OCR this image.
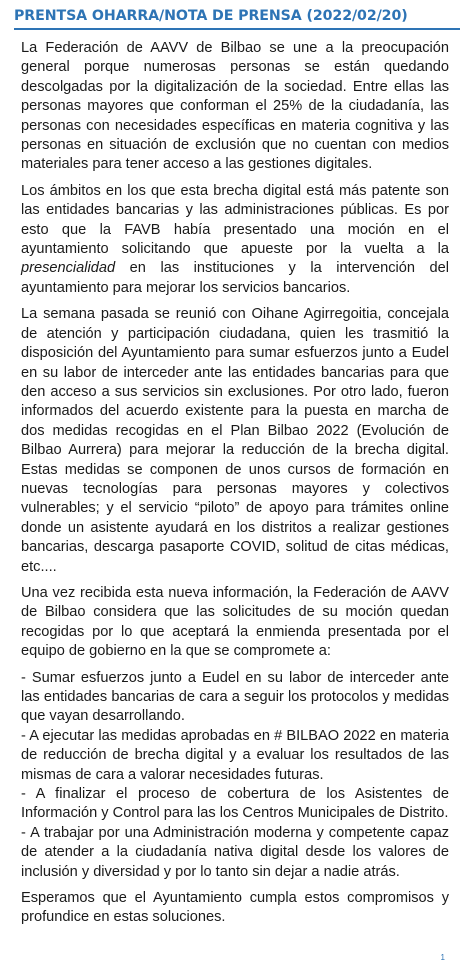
PRENTSA OHARRA/NOTA DE PRENSA (2022/02/20)

La Federación de AAVV de Bilbao se une a la preocupación general porque numerosas personas se están quedando descolgadas por la digitalización de la sociedad. Entre ellas las personas mayores que conforman el 25% de la ciudadanía, las personas con necesidades específicas en materia cognitiva y las personas en situación de exclusión que no cuentan con medios materiales para tener acceso a las gestiones digitales.

Los ámbitos en los que esta brecha digital está más patente son las entidades bancarias y las administraciones públicas. Es por esto que la FAVB había presentado una moción en el ayuntamiento solicitando que apueste por la vuelta a la presencialidad en las instituciones y la intervención del ayuntamiento para mejorar los servicios bancarios.

La semana pasada se reunió con Oihane Agirregoitia, concejala de atención y participación ciudadana, quien les trasmitió la disposición del Ayuntamiento para sumar esfuerzos junto a Eudel en su labor de interceder ante las entidades bancarias para que den acceso a sus servicios sin exclusiones. Por otro lado, fueron informados del acuerdo existente para la puesta en marcha de dos medidas recogidas en el Plan Bilbao 2022 (Evolución de Bilbao Aurrera) para mejorar la reducción de la brecha digital. Estas medidas se componen de unos cursos de formación en nuevas tecnologías para personas mayores y colectivos vulnerables; y el servicio “piloto” de apoyo para trámites online donde un asistente ayudará en los distritos a realizar gestiones bancarias, descarga pasaporte COVID, solitud de citas médicas, etc....

Una vez recibida esta nueva información, la Federación de AAVV de Bilbao considera que las solicitudes de su moción quedan recogidas por lo que aceptará la enmienda presentada por el equipo de gobierno en la que se compromete a:

- Sumar esfuerzos junto a Eudel en su labor de interceder ante las entidades bancarias de cara a seguir los protocolos y medidas que vayan desarrollando.

- A ejecutar las medidas aprobadas en # BILBAO 2022 en materia de reducción de brecha digital y a evaluar los resultados de las mismas de cara a valorar necesidades futuras.

- A finalizar el proceso de cobertura de los Asistentes de Información y Control para las los Centros Municipales de Distrito.

- A trabajar por una Administración moderna y competente capaz de atender a la ciudadanía nativa digital desde los valores de inclusión y diversidad y por lo tanto sin dejar a nadie atrás.

Esperamos que el Ayuntamiento cumpla estos compromisos y profundice en estas soluciones.

1
